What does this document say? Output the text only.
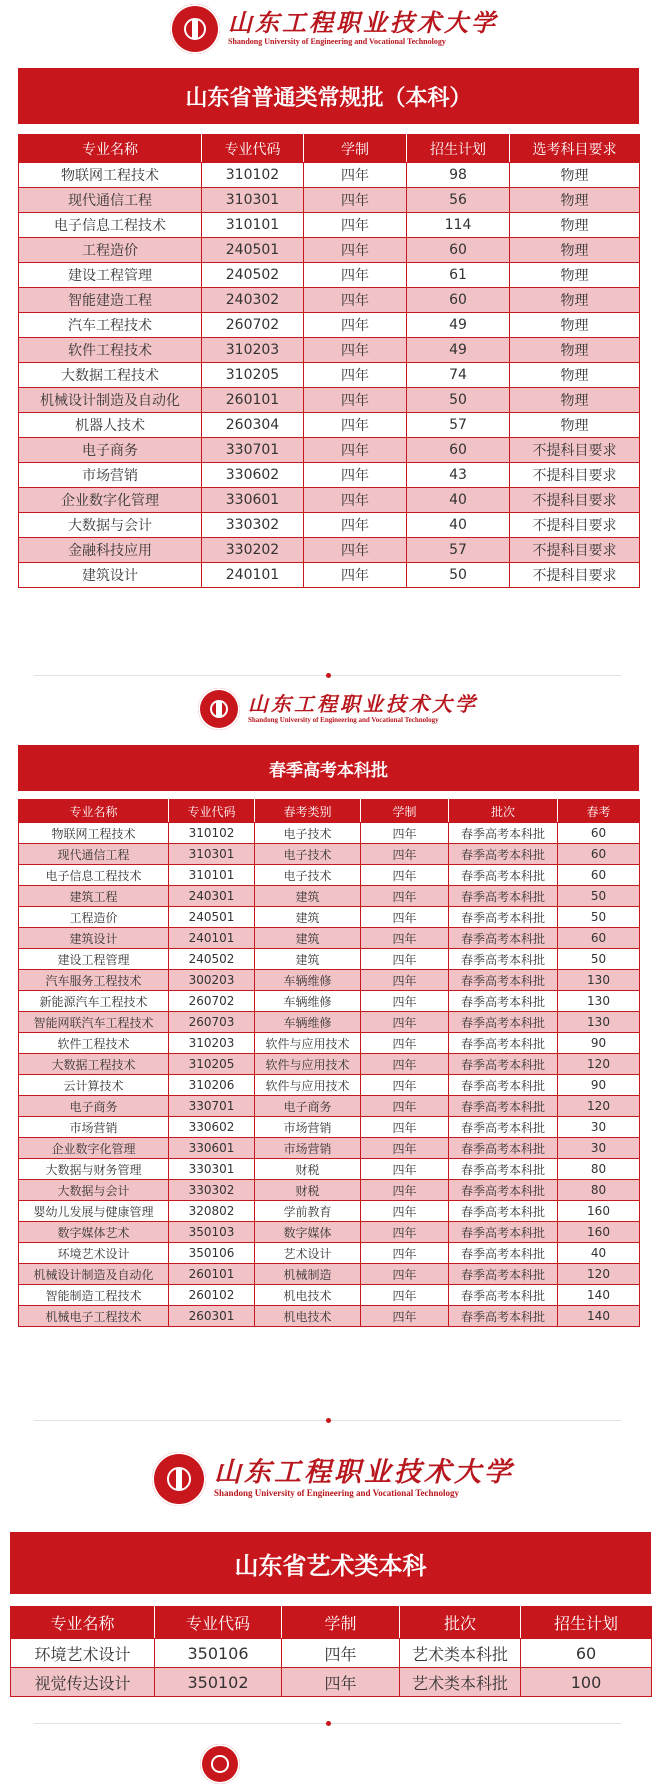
山东工程职业技术大学
Shandong University of Engineering and Vocational Technology
山东省普通类常规批（本科）
专业名称	专业代码	学制	招生计划	选考科目要求
物联网工程技术	310102	四年	98	物理
现代通信工程	310301	四年	56	物理
电子信息工程技术	310101	四年	114	物理
工程造价	240501	四年	60	物理
建设工程管理	240502	四年	61	物理
智能建造工程	240302	四年	60	物理
汽车工程技术	260702	四年	49	物理
软件工程技术	310203	四年	49	物理
大数据工程技术	310205	四年	74	物理
机械设计制造及自动化	260101	四年	50	物理
机器人技术	260304	四年	57	物理
电子商务	330701	四年	60	不提科目要求
市场营销	330602	四年	43	不提科目要求
企业数字化管理	330601	四年	40	不提科目要求
大数据与会计	330302	四年	40	不提科目要求
金融科技应用	330202	四年	57	不提科目要求
建筑设计	240101	四年	50	不提科目要求
山东工程职业技术大学
Shandong University of Engineering and Vocational Technology
春季高考本科批
专业名称	专业代码	春考类别	学制	批次	春考
物联网工程技术	310102	电子技术	四年	春季高考本科批	60
现代通信工程	310301	电子技术	四年	春季高考本科批	60
电子信息工程技术	310101	电子技术	四年	春季高考本科批	60
建筑工程	240301	建筑	四年	春季高考本科批	50
工程造价	240501	建筑	四年	春季高考本科批	50
建筑设计	240101	建筑	四年	春季高考本科批	60
建设工程管理	240502	建筑	四年	春季高考本科批	50
汽车服务工程技术	300203	车辆维修	四年	春季高考本科批	130
新能源汽车工程技术	260702	车辆维修	四年	春季高考本科批	130
智能网联汽车工程技术	260703	车辆维修	四年	春季高考本科批	130
软件工程技术	310203	软件与应用技术	四年	春季高考本科批	90
大数据工程技术	310205	软件与应用技术	四年	春季高考本科批	120
云计算技术	310206	软件与应用技术	四年	春季高考本科批	90
电子商务	330701	电子商务	四年	春季高考本科批	120
市场营销	330602	市场营销	四年	春季高考本科批	30
企业数字化管理	330601	市场营销	四年	春季高考本科批	30
大数据与财务管理	330301	财税	四年	春季高考本科批	80
大数据与会计	330302	财税	四年	春季高考本科批	80
婴幼儿发展与健康管理	320802	学前教育	四年	春季高考本科批	160
数字媒体艺术	350103	数字媒体	四年	春季高考本科批	160
环境艺术设计	350106	艺术设计	四年	春季高考本科批	40
机械设计制造及自动化	260101	机械制造	四年	春季高考本科批	120
智能制造工程技术	260102	机电技术	四年	春季高考本科批	140
机械电子工程技术	260301	机电技术	四年	春季高考本科批	140
山东工程职业技术大学
Shandong University of Engineering and Vocational Technology
山东省艺术类本科
专业名称	专业代码	学制	批次	招生计划
环境艺术设计	350106	四年	艺术类本科批	60
视觉传达设计	350102	四年	艺术类本科批	100
